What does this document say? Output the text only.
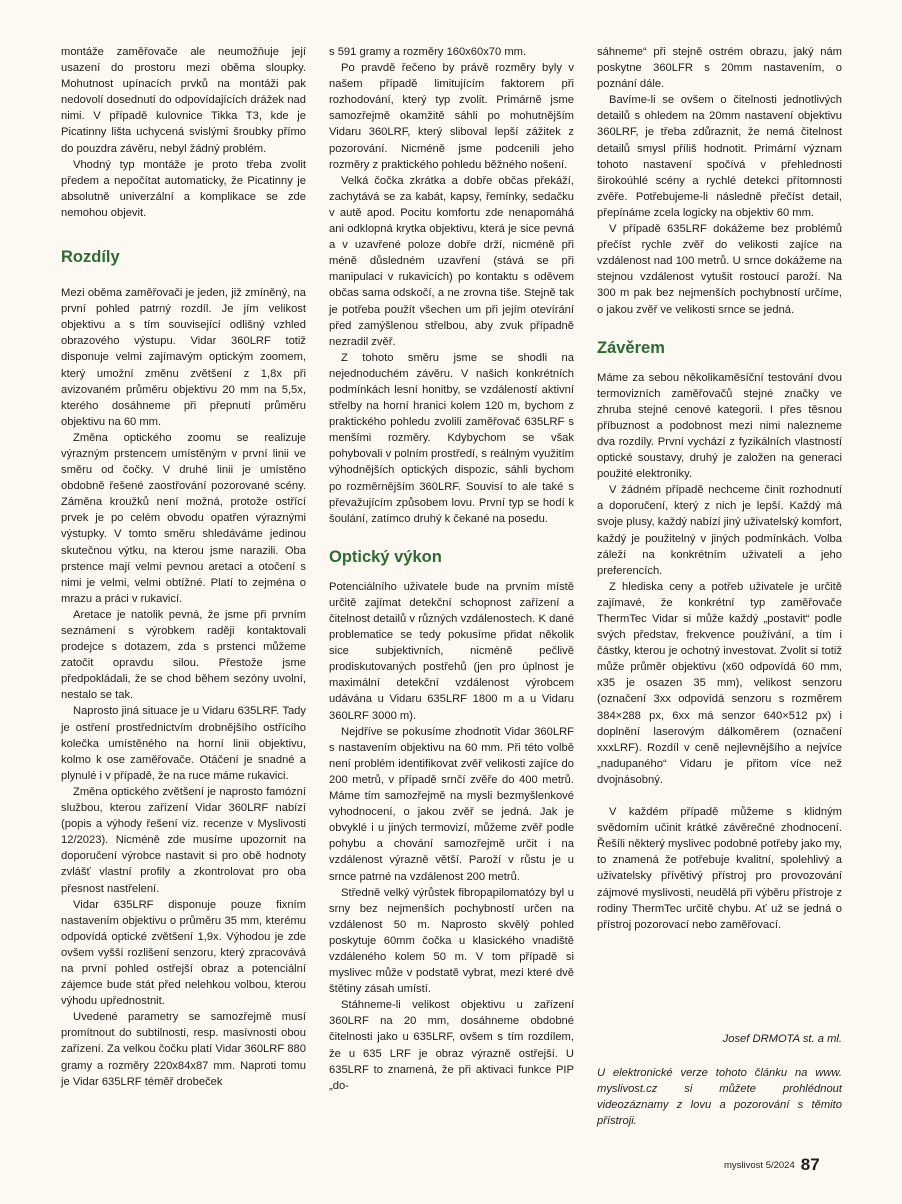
montáže zaměřovače ale neumožňuje její usazení do prostoru mezi oběma sloupky. Mohutnost upínacích prvků na montáži pak nedovolí dosednutí do odpovídajících drážek nad nimi. V případě kulovnice Tikka T3, kde je Picatinny lišta uchycená svislými šroubky přímo do pouzdra závěru, nebyl žádný problém.

Vhodný typ montáže je proto třeba zvolit předem a nepočítat automaticky, že Picatinny je absolutně univerzální a komplikace se zde nemohou objevit.

Rozdíly

Mezi oběma zaměřovači je jeden, již zmíněný, na první pohled patrný rozdíl. Je jím velikost objektivu a s tím související odlišný vzhled obrazového výstupu. Vidar 360LRF totiž disponuje velmi zajímavým optickým zoomem, který umožní změnu zvětšení z 1,8x při avizovaném průměru objektivu 20 mm na 5,5x, kterého dosáhneme při přepnutí průměru objektivu na 60 mm.

Změna optického zoomu se realizuje výrazným prstencem umístěným v první linii ve směru od čočky. V druhé linii je umístěno obdobně řešené zaostřování pozorované scény. Záměna kroužků není možná, protože ostřící prvek je po celém obvodu opatřen výraznými výstupky. V tomto směru shledáváme jedinou skutečnou výtku, na kterou jsme narazili. Oba prstence mají velmi pevnou aretaci a otočení s nimi je velmi, velmi obtížné. Platí to zejména o mrazu a práci v rukavicí.

Aretace je natolik pevná, že jsme při prvním seznámení s výrobkem raději kontaktovali prodejce s dotazem, zda s prstenci můžeme zatočit opravdu silou. Přestože jsme předpokládali, že se chod během sezóny uvolní, nestalo se tak.

Naprosto jiná situace je u Vidaru 635LRF. Tady je ostření prostřednictvím drobnějšího ostřícího kolečka umístěného na horní linii objektivu, kolmo k ose zaměřovače. Otáčení je snadné a plynulé i v případě, že na ruce máme rukavici.

Změna optického zvětšení je naprosto famózní službou, kterou zařízení Vidar 360LRF nabízí (popis a výhody řešení viz. recenze v Myslivosti 12/2023). Nicméně zde musíme upozornit na doporučení výrobce nastavit si pro obě hodnoty zvlášť vlastní profily a zkontrolovat pro oba přesnost nastřelení.

Vidar 635LRF disponuje pouze fixním nastavením objektivu o průměru 35 mm, kterému odpovídá optické zvětšení 1,9x. Výhodou je zde ovšem vyšší rozlišení senzoru, který zpracovává na první pohled ostřejší obraz a potenciální zájemce bude stát před nelehkou volbou, kterou výhodu upřednostnit.

Uvedené parametry se samozřejmě musí promítnout do subtilnosti, resp. masívnosti obou zařízení. Za velkou čočku platí Vidar 360LRF 880 gramy a rozměry 220x84x87 mm. Naproti tomu je Vidar 635LRF téměř drobeček

s 591 gramy a rozměry 160x60x70 mm.

Po pravdě řečeno by právě rozměry byly v našem případě limitujícím faktorem při rozhodování, který typ zvolit. Primárně jsme samozřejmě okamžitě sáhli po mohutnějším Vidaru 360LRF, který sliboval lepší zážitek z pozorování. Nicméně jsme podcenili jeho rozměry z praktického pohledu běžného nošení.

Velká čočka zkrátka a dobře občas překáží, zachytává se za kabát, kapsy, řemínky, sedačku v autě apod. Pocitu komfortu zde nenapomáhá ani odklopná krytka objektivu, která je sice pevná a v uzavřené poloze dobře drží, nicméně při méně důsledném uzavření (stává se při manipulaci v rukavicích) po kontaktu s oděvem občas sama odskočí, a ne zrovna tiše. Stejně tak je potřeba použít všechen um při jejím otevírání před zamýšlenou střelbou, aby zvuk případně nezradil zvěř.

Z tohoto směru jsme se shodli na nejednoduchém závěru. V našich konkrétních podmínkách lesní honitby, se vzdáleností aktivní střelby na horní hranici kolem 120 m, bychom z praktického pohledu zvolili zaměřovač 635LRF s menšími rozměry. Kdybychom se však pohybovali v polním prostředí, s reálným využitím výhodnějších optických dispozic, sáhli bychom po rozměrnějším 360LRF. Souvisí to ale také s převažujícím způsobem lovu. První typ se hodí k šoulání, zatímco druhý k čekané na posedu.

Optický výkon

Potenciálního uživatele bude na prvním místě určitě zajímat detekční schopnost zařízení a čitelnost detailů v různých vzdálenostech. K dané problematice se tedy pokusíme přidat několik sice subjektivních, nicméně pečlivě prodiskutovaných postřehů (jen pro úplnost je maximální detekční vzdálenost výrobcem udávána u Vidaru 635LRF 1800 m a u Vidaru 360LRF 3000 m).

Nejdříve se pokusíme zhodnotit Vidar 360LRF s nastavením objektivu na 60 mm. Při této volbě není problém identifikovat zvěř velikosti zajíce do 200 metrů, v případě srnčí zvěře do 400 metrů. Máme tím samozřejmě na mysli bezmyšlenkové vyhodnocení, o jakou zvěř se jedná. Jak je obvyklé i u jiných termovizí, můžeme zvěř podle pohybu a chování samozřejmě určit i na vzdálenost výrazně větší. Paroží v růstu je u srnce patrné na vzdálenost 200 metrů.

Středně velký výrůstek fibropapilomatózy byl u srny bez nejmenších pochybností určen na vzdálenost 50 m. Naprosto skvělý pohled poskytuje 60mm čočka u klasického vnadiště vzdáleného kolem 50 m. V tom případě si myslivec může v podstatě vybrat, mezi které dvě štětiny zásah umístí.

Stáhneme-li velikost objektivu u zařízení 360LRF na 20 mm, dosáhneme obdobné čitelnosti jako u 635LRF, ovšem s tím rozdílem, že u 635 LRF je obraz výrazně ostřejší. U 635LRF to znamená, že při aktivaci funkce PIP „do-

sáhneme“ při stejně ostrém obrazu, jaký nám poskytne 360LFR s 20mm nastavením, o poznání dále.

Bavíme-li se ovšem o čitelnosti jednotlivých detailů s ohledem na 20mm nastavení objektivu 360LRF, je třeba zdůraznit, že nemá čitelnost detailů smysl příliš hodnotit. Primární význam tohoto nastavení spočívá v přehlednosti širokoúhlé scény a rychlé detekci přítomnosti zvěře. Potřebujeme-li následně přečíst detail, přepínáme zcela logicky na objektiv 60 mm.

V případě 635LRF dokážeme bez problémů přečíst rychle zvěř do velikosti zajíce na vzdálenost nad 100 metrů. U srnce dokážeme na stejnou vzdálenost vytušit rostoucí paroží. Na 300 m pak bez nejmenších pochybností určíme, o jakou zvěř ve velikosti srnce se jedná.

Závěrem

Máme za sebou několikaměsíční testování dvou termovizních zaměřovačů stejné značky ve zhruba stejné cenové kategorii. I přes těsnou příbuznost a podobnost mezi nimi nalezneme dva rozdíly. První vychází z fyzikálních vlastností optické soustavy, druhý je založen na generaci použité elektroniky.

V žádném případě nechceme činit rozhodnutí a doporučení, který z nich je lepší. Každý má svoje plusy, každý nabízí jiný uživatelský komfort, každý je použitelný v jiných podmínkách. Volba záleží na konkrétním uživateli a jeho preferencích.

Z hlediska ceny a potřeb uživatele je určitě zajímavé, že konkrétní typ zaměřovače ThermTec Vidar si může každý „postavit“ podle svých představ, frekvence používání, a tím i částky, kterou je ochotný investovat. Zvolit si totiž může průměr objektivu (x60 odpovídá 60 mm, x35 je osazen 35 mm), velikost senzoru (označení 3xx odpovídá senzoru s rozměrem 384×288 px, 6xx má senzor 640×512 px) i doplnění laserovým dálkoměrem (označení xxxLRF). Rozdíl v ceně nejlevnějšího a nejvíce „nadupaného“ Vidaru je přitom více než dvojnásobný.

V každém případě můžeme s klidným svědomím učinit krátké závěrečné zhodnocení. Řešíli některý myslivec podobné potřeby jako my, to znamená že potřebuje kvalitní, spolehlivý a uživatelsky přívětivý přístroj pro provozování zájmové myslivosti, neudělá při výběru přístroje z rodiny ThermTec určitě chybu. Ať už se jedná o přístroj pozorovací nebo zaměřovací.

Josef DRMOTA st. a ml.

U elektronické verze tohoto článku na www. myslivost.cz si můžete prohlédnout videozáznamy z lovu a pozorování s těmito přístroji.

myslivost 5/2024 87
